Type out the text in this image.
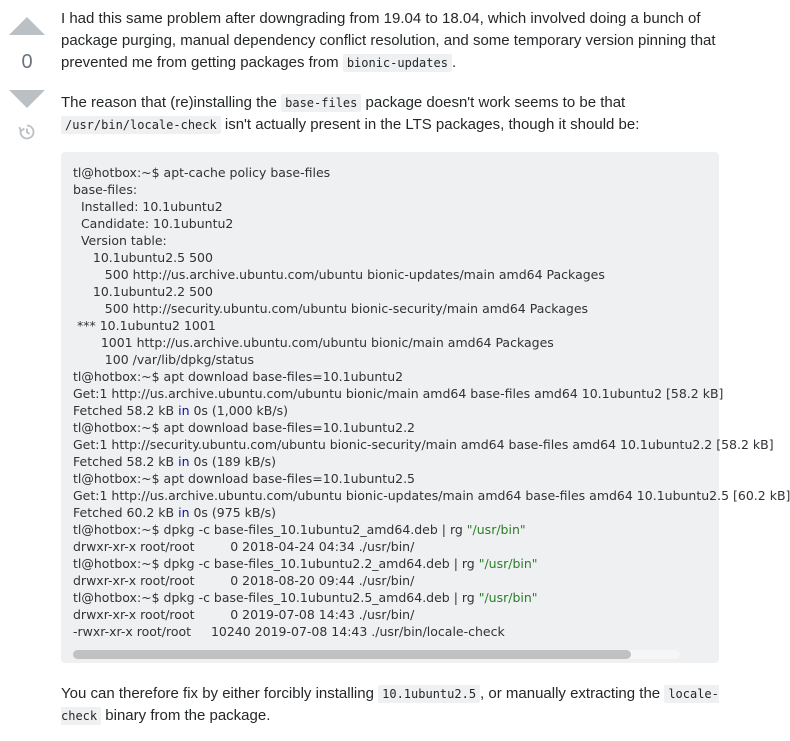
0

I had this same problem after downgrading from 19.04 to 18.04, which involved doing a bunch of package purging, manual dependency conflict resolution, and some temporary version pinning that prevented me from getting packages from bionic-updates .

The reason that (re)installing the base-files package doesn't work seems to be that /usr/bin/locale-check isn't actually present in the LTS packages, though it should be:

tl@hotbox:~$ apt-cache policy base-files
base-files:
Installed: 10.1ubuntu2
Candidate: 10.1ubuntu2
Version table:
10.1ubuntu2.5 500
500 http://us.archive.ubuntu.com/ubuntu bionic-updates/main amd64 Packages
10.1ubuntu2.2 500
500 http://security.ubuntu.com/ubuntu bionic-security/main amd64 Packages
*** 10.1ubuntu2 1001
1001 http://us.archive.ubuntu.com/ubuntu bionic/main amd64 Packages
100 /var/lib/dpkg/status
tl@hotbox:~$ apt download base-files=10.1ubuntu2
Get:1 http://us.archive.ubuntu.com/ubuntu bionic/main amd64 base-files amd64 10.1ubuntu2 [58.2 kB]
Fetched 58.2 kB in 0s (1,000 kB/s)
tl@hotbox:~$ apt download base-files=10.1ubuntu2.2
Get:1 http://security.ubuntu.com/ubuntu bionic-security/main amd64 base-files amd64 10.1ubuntu2.2 [58.2 kB]
Fetched 58.2 kB in 0s (189 kB/s)
tl@hotbox:~$ apt download base-files=10.1ubuntu2.5
Get:1 http://us.archive.ubuntu.com/ubuntu bionic-updates/main amd64 base-files amd64 10.1ubuntu2.5 [60.2 kB]
Fetched 60.2 kB in 0s (975 kB/s)
tl@hotbox:~$ dpkg -c base-files_10.1ubuntu2_amd64.deb | rg "/usr/bin"
drwxr-xr-x root/root         0 2018-04-24 04:34 ./usr/bin/
tl@hotbox:~$ dpkg -c base-files_10.1ubuntu2.2_amd64.deb | rg "/usr/bin"
drwxr-xr-x root/root         0 2018-08-20 09:44 ./usr/bin/
tl@hotbox:~$ dpkg -c base-files_10.1ubuntu2.5_amd64.deb | rg "/usr/bin"
drwxr-xr-x root/root         0 2019-07-08 14:43 ./usr/bin/
-rwxr-xr-x root/root     10240 2019-07-08 14:43 ./usr/bin/locale-check

You can therefore fix by either forcibly installing 10.1ubuntu2.5 , or manually extracting the locale-check binary from the package.
